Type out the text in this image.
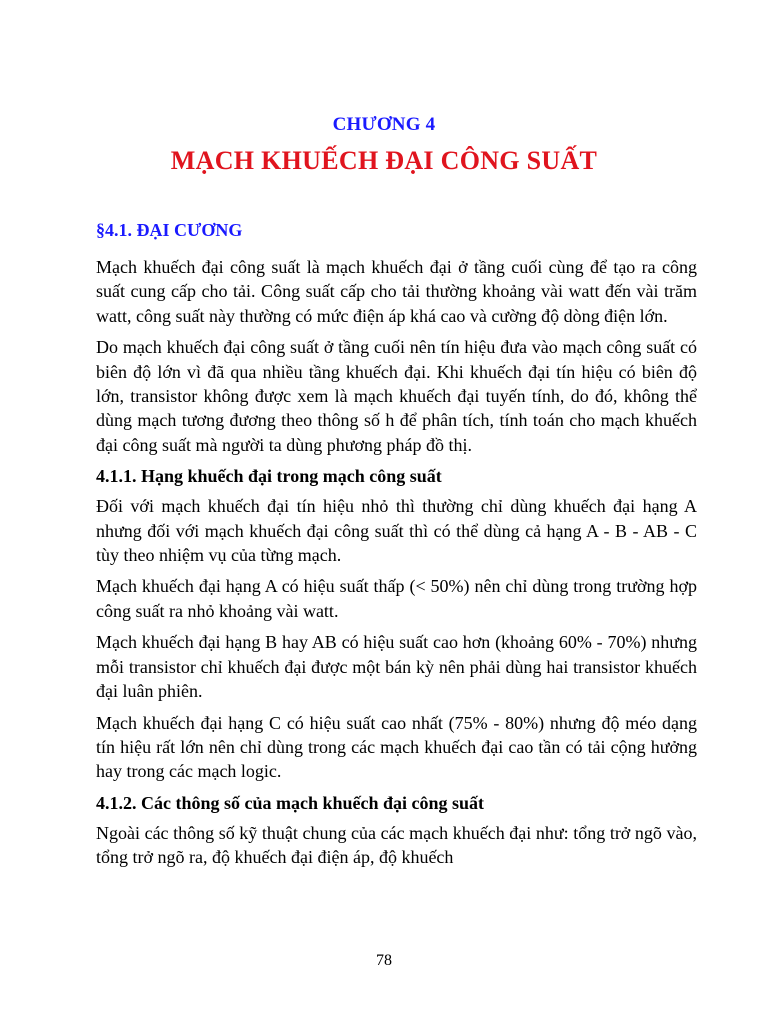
CHƯƠNG 4
MẠCH KHUẾCH ĐẠI CÔNG SUẤT
§4.1. ĐẠI CƯƠNG

Mạch khuếch đại công suất là mạch khuếch đại ở tầng cuối cùng để tạo ra công suất cung cấp cho tải. Công suất cấp cho tải thường khoảng vài watt đến vài trăm watt, công suất này thường có mức điện áp khá cao và cường độ dòng điện lớn.

Do mạch khuếch đại công suất ở tầng cuối nên tín hiệu đưa vào mạch công suất có biên độ lớn vì đã qua nhiều tầng khuếch đại. Khi khuếch đại tín hiệu có biên độ lớn, transistor không được xem là mạch khuếch đại tuyến tính, do đó, không thể dùng mạch tương đương theo thông số h để phân tích, tính toán cho mạch khuếch đại công suất mà người ta dùng phương pháp đồ thị.

4.1.1. Hạng khuếch đại trong mạch công suất

Đối với mạch khuếch đại tín hiệu nhỏ thì thường chỉ dùng khuếch đại hạng A nhưng đối với mạch khuếch đại công suất thì có thể dùng cả hạng A - B - AB - C tùy theo nhiệm vụ của từng mạch.

Mạch khuếch đại hạng A có hiệu suất thấp (< 50%) nên chỉ dùng trong trường hợp công suất ra nhỏ khoảng vài watt.

Mạch khuếch đại hạng B hay AB có hiệu suất cao hơn (khoảng 60% - 70%) nhưng mỗi transistor chỉ khuếch đại được một bán kỳ nên phải dùng hai transistor khuếch đại luân phiên.

Mạch khuếch đại hạng C có hiệu suất cao nhất (75% - 80%) nhưng độ méo dạng tín hiệu rất lớn nên chỉ dùng trong các mạch khuếch đại cao tần có tải cộng hưởng hay trong các mạch logic.

4.1.2. Các thông số của mạch khuếch đại công suất

Ngoài các thông số kỹ thuật chung của các mạch khuếch đại như: tổng trở ngõ vào, tổng trở ngõ ra, độ khuếch đại điện áp, độ khuếch

78
